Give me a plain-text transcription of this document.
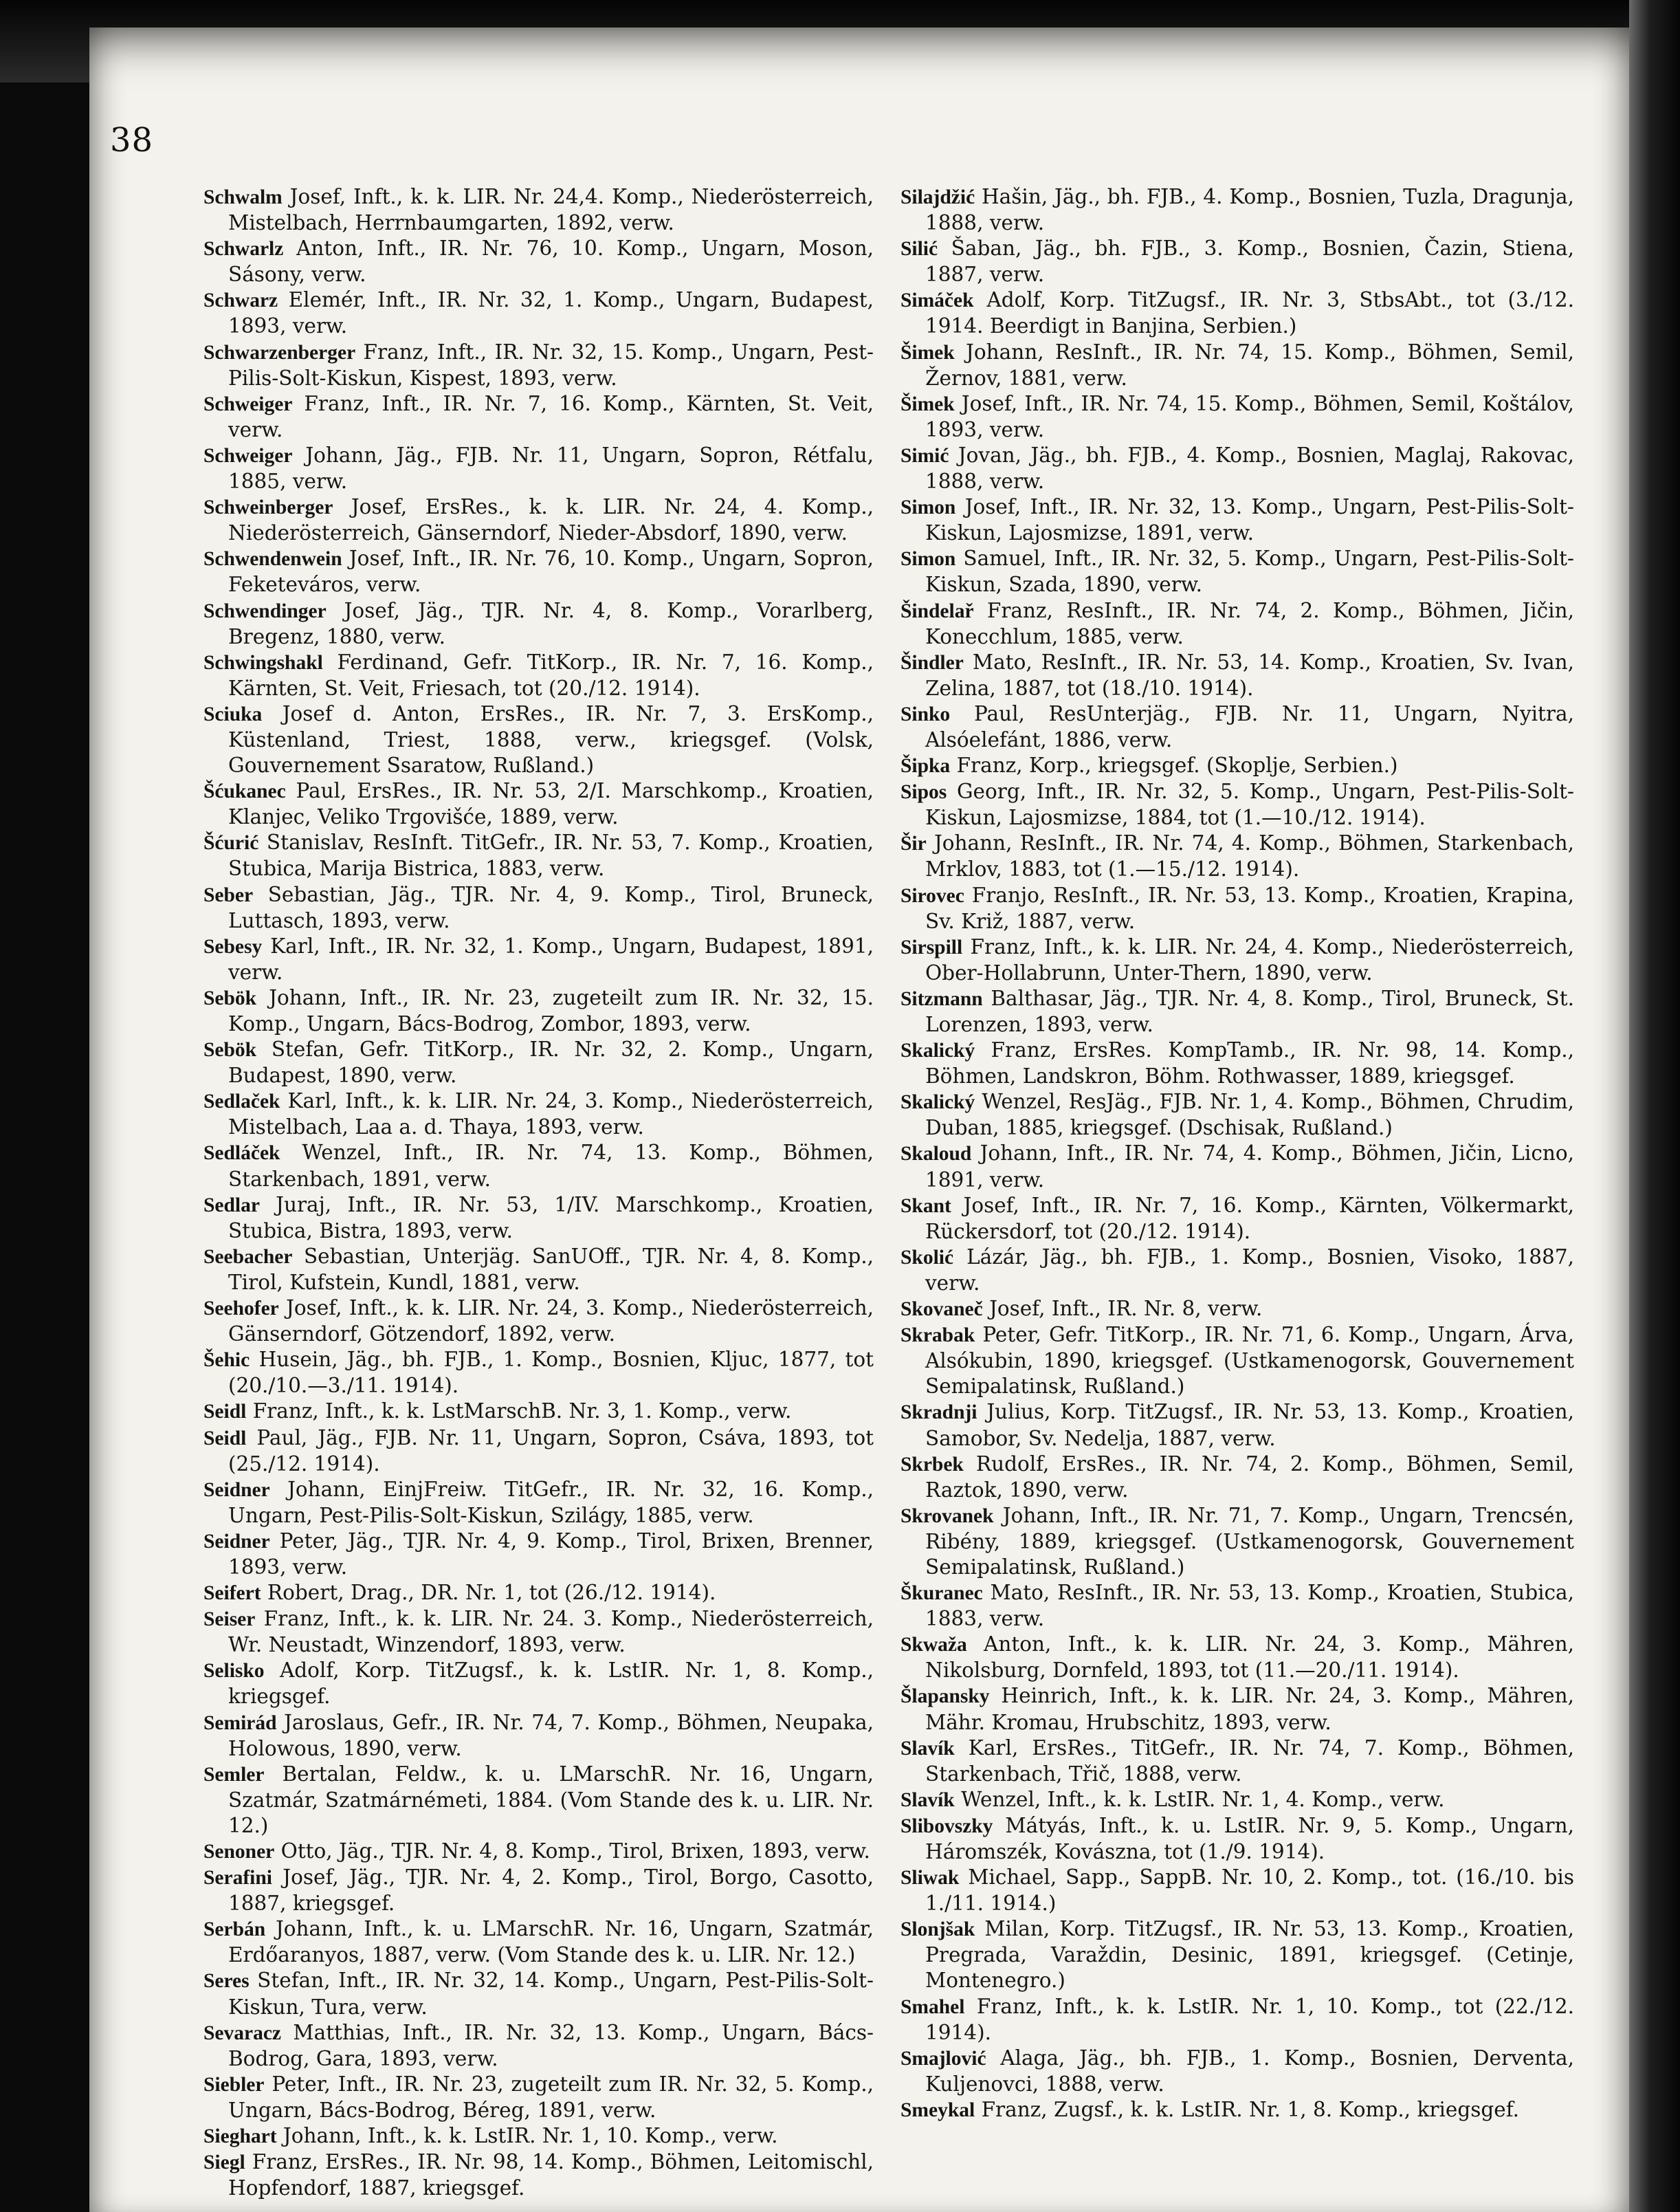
38

Schwalm Josef, Inft., k. k. LIR. Nr. 24,4. Komp., Niederösterreich, Mistelbach, Herrnbaumgarten, 1892, verw.

Schwarlz Anton, Inft., IR. Nr. 76, 10. Komp., Ungarn, Moson, Sásony, verw.

Schwarz Elemér, Inft., IR. Nr. 32, 1. Komp., Ungarn, Budapest, 1893, verw.

Schwarzenberger Franz, Inft., IR. Nr. 32, 15. Komp., Ungarn, Pest-Pilis-Solt-Kiskun, Kispest, 1893, verw.

Schweiger Franz, Inft., IR. Nr. 7, 16. Komp., Kärnten, St. Veit, verw.

Schweiger Johann, Jäg., FJB. Nr. 11, Ungarn, Sopron, Rétfalu, 1885, verw.

Schweinberger Josef, ErsRes., k. k. LIR. Nr. 24, 4. Komp., Niederösterreich, Gänserndorf, Nieder-Absdorf, 1890, verw.

Schwendenwein Josef, Inft., IR. Nr. 76, 10. Komp., Ungarn, Sopron, Feketeváros, verw.

Schwendinger Josef, Jäg., TJR. Nr. 4, 8. Komp., Vorarlberg, Bregenz, 1880, verw.

Schwingshakl Ferdinand, Gefr. TitKorp., IR. Nr. 7, 16. Komp., Kärnten, St. Veit, Friesach, tot (20./12. 1914).

Sciuka Josef d. Anton, ErsRes., IR. Nr. 7, 3. ErsKomp., Küstenland, Triest, 1888, verw., kriegsgef. (Volsk, Gouvernement Ssaratow, Rußland.)

Šćukanec Paul, ErsRes., IR. Nr. 53, 2/I. Marschkomp., Kroatien, Klanjec, Veliko Trgovišće, 1889, verw.

Šćurić Stanislav, ResInft. TitGefr., IR. Nr. 53, 7. Komp., Kroatien, Stubica, Marija Bistrica, 1883, verw.

Seber Sebastian, Jäg., TJR. Nr. 4, 9. Komp., Tirol, Bruneck, Luttasch, 1893, verw.

Sebesy Karl, Inft., IR. Nr. 32, 1. Komp., Ungarn, Budapest, 1891, verw.

Sebök Johann, Inft., IR. Nr. 23, zugeteilt zum IR. Nr. 32, 15. Komp., Ungarn, Bács-Bodrog, Zombor, 1893, verw.

Sebök Stefan, Gefr. TitKorp., IR. Nr. 32, 2. Komp., Ungarn, Budapest, 1890, verw.

Sedlaček Karl, Inft., k. k. LIR. Nr. 24, 3. Komp., Niederösterreich, Mistelbach, Laa a. d. Thaya, 1893, verw.

Sedláček Wenzel, Inft., IR. Nr. 74, 13. Komp., Böhmen, Starkenbach, 1891, verw.

Sedlar Juraj, Inft., IR. Nr. 53, 1/IV. Marschkomp., Kroatien, Stubica, Bistra, 1893, verw.

Seebacher Sebastian, Unterjäg. SanUOff., TJR. Nr. 4, 8. Komp., Tirol, Kufstein, Kundl, 1881, verw.

Seehofer Josef, Inft., k. k. LIR. Nr. 24, 3. Komp., Niederösterreich, Gänserndorf, Götzendorf, 1892, verw.

Šehic Husein, Jäg., bh. FJB., 1. Komp., Bosnien, Kljuc, 1877, tot (20./10.—3./11. 1914).

Seidl Franz, Inft., k. k. LstMarschB. Nr. 3, 1. Komp., verw.

Seidl Paul, Jäg., FJB. Nr. 11, Ungarn, Sopron, Csáva, 1893, tot (25./12. 1914).

Seidner Johann, EinjFreiw. TitGefr., IR. Nr. 32, 16. Komp., Ungarn, Pest-Pilis-Solt-Kiskun, Szilágy, 1885, verw.

Seidner Peter, Jäg., TJR. Nr. 4, 9. Komp., Tirol, Brixen, Brenner, 1893, verw.

Seifert Robert, Drag., DR. Nr. 1, tot (26./12. 1914).

Seiser Franz, Inft., k. k. LIR. Nr. 24. 3. Komp., Niederösterreich, Wr. Neustadt, Winzendorf, 1893, verw.

Selisko Adolf, Korp. TitZugsf., k. k. LstIR. Nr. 1, 8. Komp., kriegsgef.

Semirád Jaroslaus, Gefr., IR. Nr. 74, 7. Komp., Böhmen, Neupaka, Holowous, 1890, verw.

Semler Bertalan, Feldw., k. u. LMarschR. Nr. 16, Ungarn, Szatmár, Szatmárnémeti, 1884. (Vom Stande des k. u. LIR. Nr. 12.)

Senoner Otto, Jäg., TJR. Nr. 4, 8. Komp., Tirol, Brixen, 1893, verw.

Serafini Josef, Jäg., TJR. Nr. 4, 2. Komp., Tirol, Borgo, Casotto, 1887, kriegsgef.

Serbán Johann, Inft., k. u. LMarschR. Nr. 16, Ungarn, Szatmár, Erdőaranyos, 1887, verw. (Vom Stande des k. u. LIR. Nr. 12.)

Seres Stefan, Inft., IR. Nr. 32, 14. Komp., Ungarn, Pest-Pilis-Solt-Kiskun, Tura, verw.

Sevaracz Matthias, Inft., IR. Nr. 32, 13. Komp., Ungarn, Bács-Bodrog, Gara, 1893, verw.

Siebler Peter, Inft., IR. Nr. 23, zugeteilt zum IR. Nr. 32, 5. Komp., Ungarn, Bács-Bodrog, Béreg, 1891, verw.

Sieghart Johann, Inft., k. k. LstIR. Nr. 1, 10. Komp., verw.

Siegl Franz, ErsRes., IR. Nr. 98, 14. Komp., Böhmen, Leitomischl, Hopfendorf, 1887, kriegsgef.

Silajdžić Hašin, Jäg., bh. FJB., 4. Komp., Bosnien, Tuzla, Dragunja, 1888, verw.

Silić Šaban, Jäg., bh. FJB., 3. Komp., Bosnien, Čazin, Stiena, 1887, verw.

Simáček Adolf, Korp. TitZugsf., IR. Nr. 3, StbsAbt., tot (3./12. 1914. Beerdigt in Banjina, Serbien.)

Šimek Johann, ResInft., IR. Nr. 74, 15. Komp., Böhmen, Semil, Žernov, 1881, verw.

Šimek Josef, Inft., IR. Nr. 74, 15. Komp., Böhmen, Semil, Koštálov, 1893, verw.

Simić Jovan, Jäg., bh. FJB., 4. Komp., Bosnien, Maglaj, Rakovac, 1888, verw.

Simon Josef, Inft., IR. Nr. 32, 13. Komp., Ungarn, Pest-Pilis-Solt-Kiskun, Lajosmizse, 1891, verw.

Simon Samuel, Inft., IR. Nr. 32, 5. Komp., Ungarn, Pest-Pilis-Solt-Kiskun, Szada, 1890, verw.

Šindelař Franz, ResInft., IR. Nr. 74, 2. Komp., Böhmen, Jičin, Konecchlum, 1885, verw.

Šindler Mato, ResInft., IR. Nr. 53, 14. Komp., Kroatien, Sv. Ivan, Zelina, 1887, tot (18./10. 1914).

Sinko Paul, ResUnterjäg., FJB. Nr. 11, Ungarn, Nyitra, Alsóelefánt, 1886, verw.

Šipka Franz, Korp., kriegsgef. (Skoplje, Serbien.)

Sipos Georg, Inft., IR. Nr. 32, 5. Komp., Ungarn, Pest-Pilis-Solt-Kiskun, Lajosmizse, 1884, tot (1.—10./12. 1914).

Šir Johann, ResInft., IR. Nr. 74, 4. Komp., Böhmen, Starkenbach, Mrklov, 1883, tot (1.—15./12. 1914).

Sirovec Franjo, ResInft., IR. Nr. 53, 13. Komp., Kroatien, Krapina, Sv. Križ, 1887, verw.

Sirspill Franz, Inft., k. k. LIR. Nr. 24, 4. Komp., Niederösterreich, Ober-Hollabrunn, Unter-Thern, 1890, verw.

Sitzmann Balthasar, Jäg., TJR. Nr. 4, 8. Komp., Tirol, Bruneck, St. Lorenzen, 1893, verw.

Skalický Franz, ErsRes. KompTamb., IR. Nr. 98, 14. Komp., Böhmen, Landskron, Böhm. Rothwasser, 1889, kriegsgef.

Skalický Wenzel, ResJäg., FJB. Nr. 1, 4. Komp., Böhmen, Chrudim, Duban, 1885, kriegsgef. (Dschisak, Rußland.)

Skaloud Johann, Inft., IR. Nr. 74, 4. Komp., Böhmen, Jičin, Licno, 1891, verw.

Skant Josef, Inft., IR. Nr. 7, 16. Komp., Kärnten, Völkermarkt, Rückersdorf, tot (20./12. 1914).

Skolić Lázár, Jäg., bh. FJB., 1. Komp., Bosnien, Visoko, 1887, verw.

Skovaneč Josef, Inft., IR. Nr. 8, verw.

Skrabak Peter, Gefr. TitKorp., IR. Nr. 71, 6. Komp., Ungarn, Árva, Alsókubin, 1890, kriegsgef. (Ustkamenogorsk, Gouvernement Semipalatinsk, Rußland.)

Skradnji Julius, Korp. TitZugsf., IR. Nr. 53, 13. Komp., Kroatien, Samobor, Sv. Nedelja, 1887, verw.

Skrbek Rudolf, ErsRes., IR. Nr. 74, 2. Komp., Böhmen, Semil, Raztok, 1890, verw.

Skrovanek Johann, Inft., IR. Nr. 71, 7. Komp., Ungarn, Trencsén, Ribény, 1889, kriegsgef. (Ustkamenogorsk, Gouvernement Semipalatinsk, Rußland.)

Škuranec Mato, ResInft., IR. Nr. 53, 13. Komp., Kroatien, Stubica, 1883, verw.

Skwaža Anton, Inft., k. k. LIR. Nr. 24, 3. Komp., Mähren, Nikolsburg, Dornfeld, 1893, tot (11.—20./11. 1914).

Šlapansky Heinrich, Inft., k. k. LIR. Nr. 24, 3. Komp., Mähren, Mähr. Kromau, Hrubschitz, 1893, verw.

Slavík Karl, ErsRes., TitGefr., IR. Nr. 74, 7. Komp., Böhmen, Starkenbach, Třič, 1888, verw.

Slavík Wenzel, Inft., k. k. LstIR. Nr. 1, 4. Komp., verw.

Slibovszky Mátyás, Inft., k. u. LstIR. Nr. 9, 5. Komp., Ungarn, Háromszék, Kovászna, tot (1./9. 1914).

Sliwak Michael, Sapp., SappB. Nr. 10, 2. Komp., tot. (16./10. bis 1./11. 1914.)

Slonjšak Milan, Korp. TitZugsf., IR. Nr. 53, 13. Komp., Kroatien, Pregrada, Varaždin, Desinic, 1891, kriegsgef. (Cetinje, Montenegro.)

Smahel Franz, Inft., k. k. LstIR. Nr. 1, 10. Komp., tot (22./12. 1914).

Smajlović Alaga, Jäg., bh. FJB., 1. Komp., Bosnien, Derventa, Kuljenovci, 1888, verw.

Smeykal Franz, Zugsf., k. k. LstIR. Nr. 1, 8. Komp., kriegsgef.
